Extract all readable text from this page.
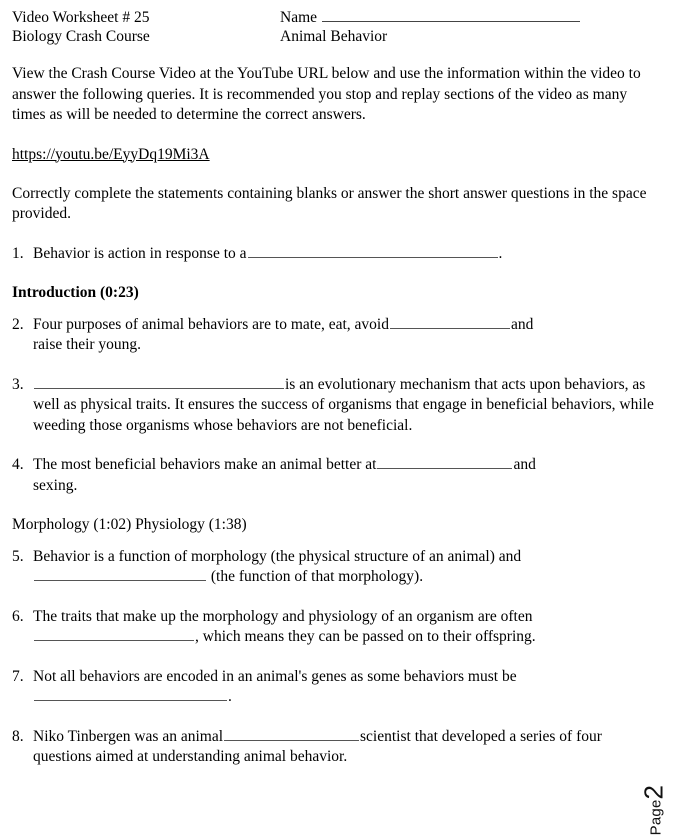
Video Worksheet # 25
Biology Crash Course
Name
Animal Behavior

View the Crash Course Video at the YouTube URL below and use the information within the video to answer the following queries. It is recommended you stop and replay sections of the video as many times as will be needed to determine the correct answers.

https://youtu.be/EyyDq19Mi3A

Correctly complete the statements containing blanks or answer the short answer questions in the space provided.

1. Behavior is action in response to a	.

Introduction (0:23)

2. Four purposes of animal behaviors are to mate, eat, avoid	and
raise their young.
3.	is an evolutionary mechanism that acts upon behaviors, as well as physical traits. It ensures the success of organisms that engage in beneficial behaviors, while weeding those organisms whose behaviors are not beneficial.
4. The most beneficial behaviors make an animal better at	and
sexing.

Morphology (1:02) Physiology (1:38)

5. Behavior is a function of morphology (the physical structure of an animal) and
(the function of that morphology).
6. The traits that make up the morphology and physiology of an organism are often
, which means they can be passed on to their offspring.
7. Not all behaviors are encoded in an animal's genes as some behaviors must be
.
8. Niko Tinbergen was an animal	scientist that developed a series of four questions aimed at understanding animal behavior.
Page2
